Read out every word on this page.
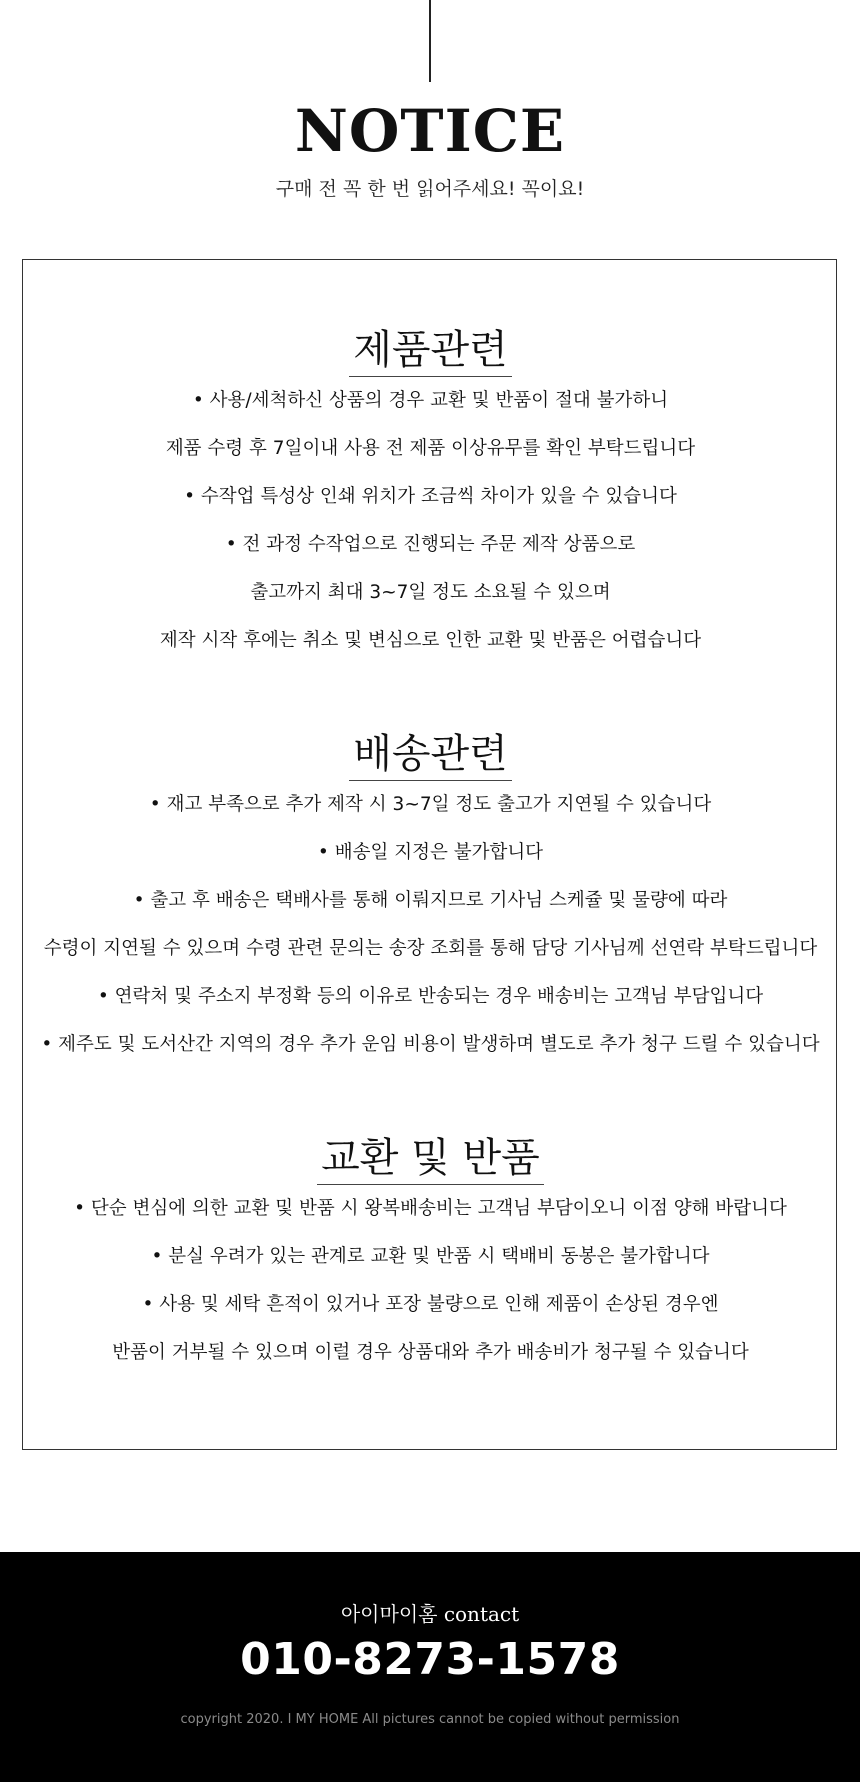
NOTICE
구매 전 꼭 한 번 읽어주세요! 꼭이요!
제품관련
• 사용/세척하신 상품의 경우 교환 및 반품이 절대 불가하니
제품 수령 후 7일이내 사용 전 제품 이상유무를 확인 부탁드립니다
• 수작업 특성상 인쇄 위치가 조금씩 차이가 있을 수 있습니다
• 전 과정 수작업으로 진행되는 주문 제작 상품으로
출고까지 최대 3~7일 정도 소요될 수 있으며
제작 시작 후에는 취소 및 변심으로 인한 교환 및 반품은 어렵습니다
배송관련
• 재고 부족으로 추가 제작 시 3~7일 정도 출고가 지연될 수 있습니다
• 배송일 지정은 불가합니다
• 출고 후 배송은 택배사를 통해 이뤄지므로 기사님 스케쥴 및 물량에 따라
수령이 지연될 수 있으며 수령 관련 문의는 송장 조회를 통해 담당 기사님께 선연락 부탁드립니다
• 연락처 및 주소지 부정확 등의 이유로 반송되는 경우 배송비는 고객님 부담입니다
• 제주도 및 도서산간 지역의 경우 추가 운임 비용이 발생하며 별도로 추가 청구 드릴 수 있습니다
교환 및 반품
• 단순 변심에 의한 교환 및 반품 시 왕복배송비는 고객님 부담이오니 이점 양해 바랍니다
• 분실 우려가 있는 관계로 교환 및 반품 시 택배비 동봉은 불가합니다
• 사용 및 세탁 흔적이 있거나 포장 불량으로 인해 제품이 손상된 경우엔
반품이 거부될 수 있으며 이럴 경우 상품대와 추가 배송비가 청구될 수 있습니다
아이마이홈 contact
010-8273-1578
copyright 2020. I MY HOME All pictures cannot be copied without permission
